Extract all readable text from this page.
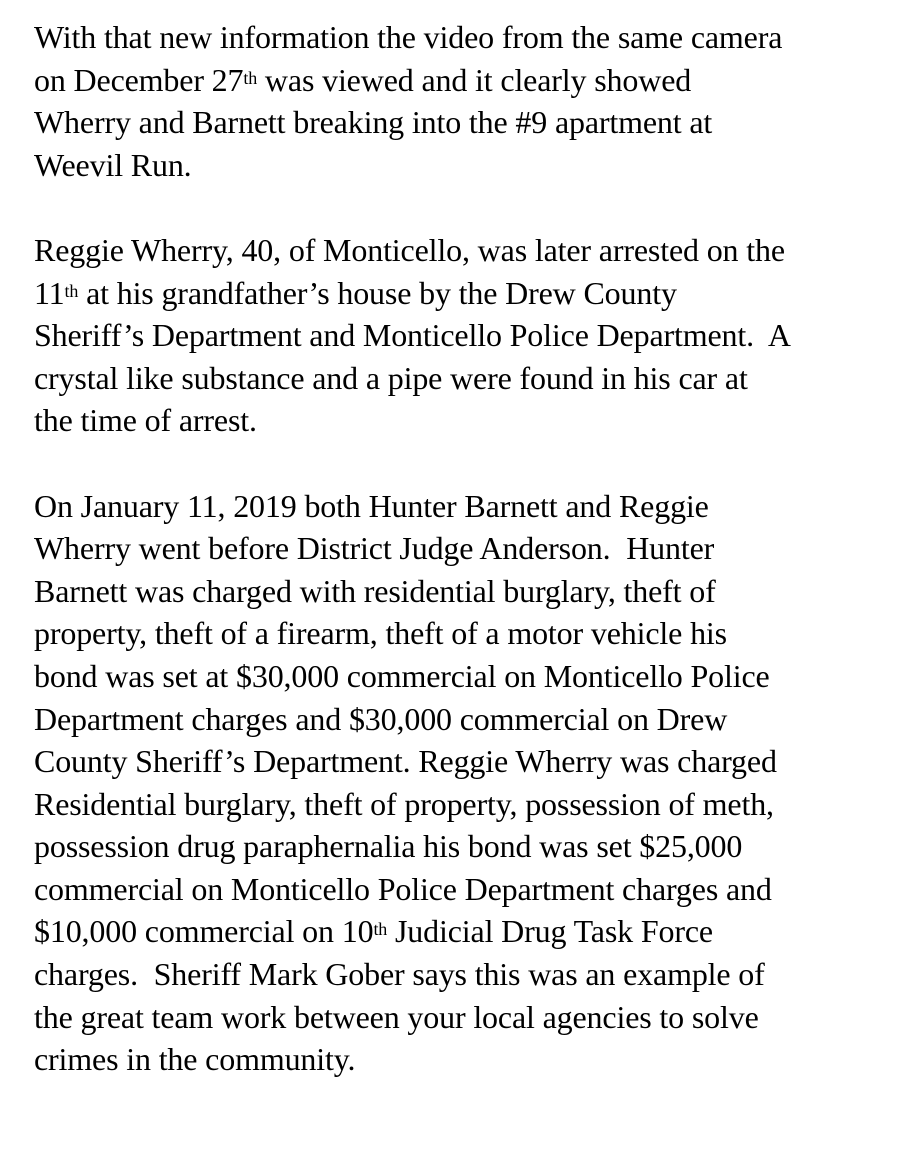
With that new information the video from the same camera
on December 27th was viewed and it clearly showed
Wherry and Barnett breaking into the #9 apartment at
Weevil Run.

Reggie Wherry, 40, of Monticello, was later arrested on the
11th at his grandfather’s house by the Drew County
Sheriff’s Department and Monticello Police Department.  A
crystal like substance and a pipe were found in his car at
the time of arrest.

On January 11, 2019 both Hunter Barnett and Reggie
Wherry went before District Judge Anderson.  Hunter
Barnett was charged with residential burglary, theft of
property, theft of a firearm, theft of a motor vehicle his
bond was set at $30,000 commercial on Monticello Police
Department charges and $30,000 commercial on Drew
County Sheriff’s Department. Reggie Wherry was charged
Residential burglary, theft of property, possession of meth,
possession drug paraphernalia his bond was set $25,000
commercial on Monticello Police Department charges and
$10,000 commercial on 10th Judicial Drug Task Force
charges.  Sheriff Mark Gober says this was an example of
the great team work between your local agencies to solve
crimes in the community.
